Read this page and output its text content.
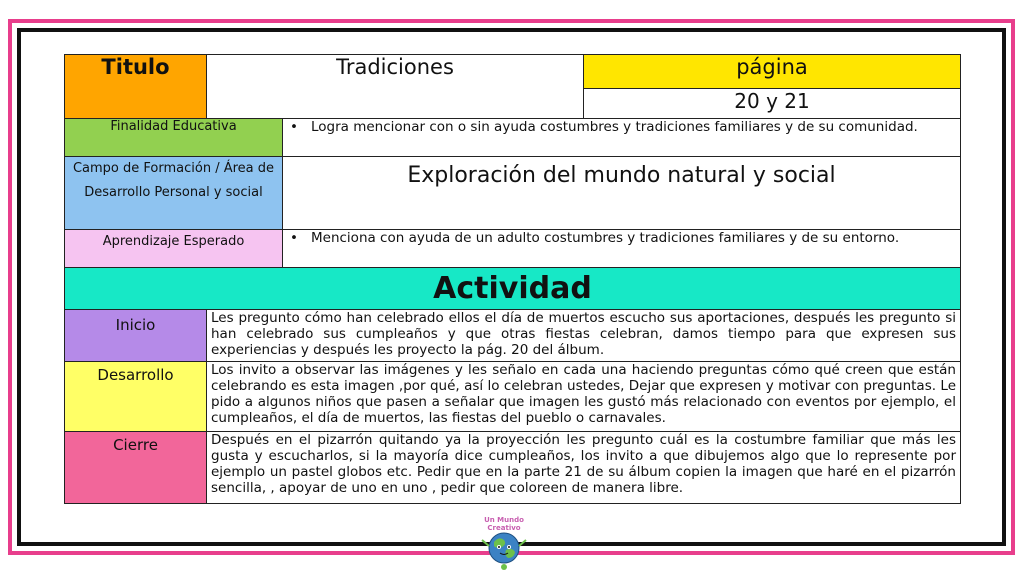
Titulo	Tradiciones		página
			20 y 21
Finalidad Educativa		• Logra mencionar con o sin ayuda costumbres y tradiciones familiares y de su comunidad.	
Campo de Formación / Área de Desarrollo Personal y social		Exploración del mundo natural y social	
Aprendizaje Esperado		• Menciona con ayuda de un adulto costumbres y tradiciones familiares y de su entorno.	
Actividad			

Inicio	Les pregunto cómo han celebrado ellos el día de muertos escucho sus aportaciones, después les pregunto si han celebrado sus cumpleaños y que otras fiestas celebran, damos tiempo para que expresen sus experiencias y después les proyecto la pág. 20 del álbum.		

Desarrollo	Los invito a observar las imágenes y les señalo en cada una haciendo preguntas cómo qué creen que están celebrando es esta imagen ,por qué, así lo celebran ustedes, Dejar que expresen y motivar con preguntas. Le pido a algunos niños que pasen a señalar que imagen les gustó más relacionado con eventos por ejemplo, el cumpleaños, el día de muertos, las fiestas del pueblo o carnavales.		

Cierre	Después en el pizarrón quitando ya la proyección les pregunto cuál es la costumbre familiar que más les gusta y escucharlos, si la mayoría dice cumpleaños, los invito a que dibujemos algo que lo represente por ejemplo un pastel globos etc. Pedir que en la parte 21 de su álbum copien la imagen que haré en el pizarrón sencilla, , apoyar de uno en uno , pedir que coloreen de manera libre.		
Un Mundo Creativo
